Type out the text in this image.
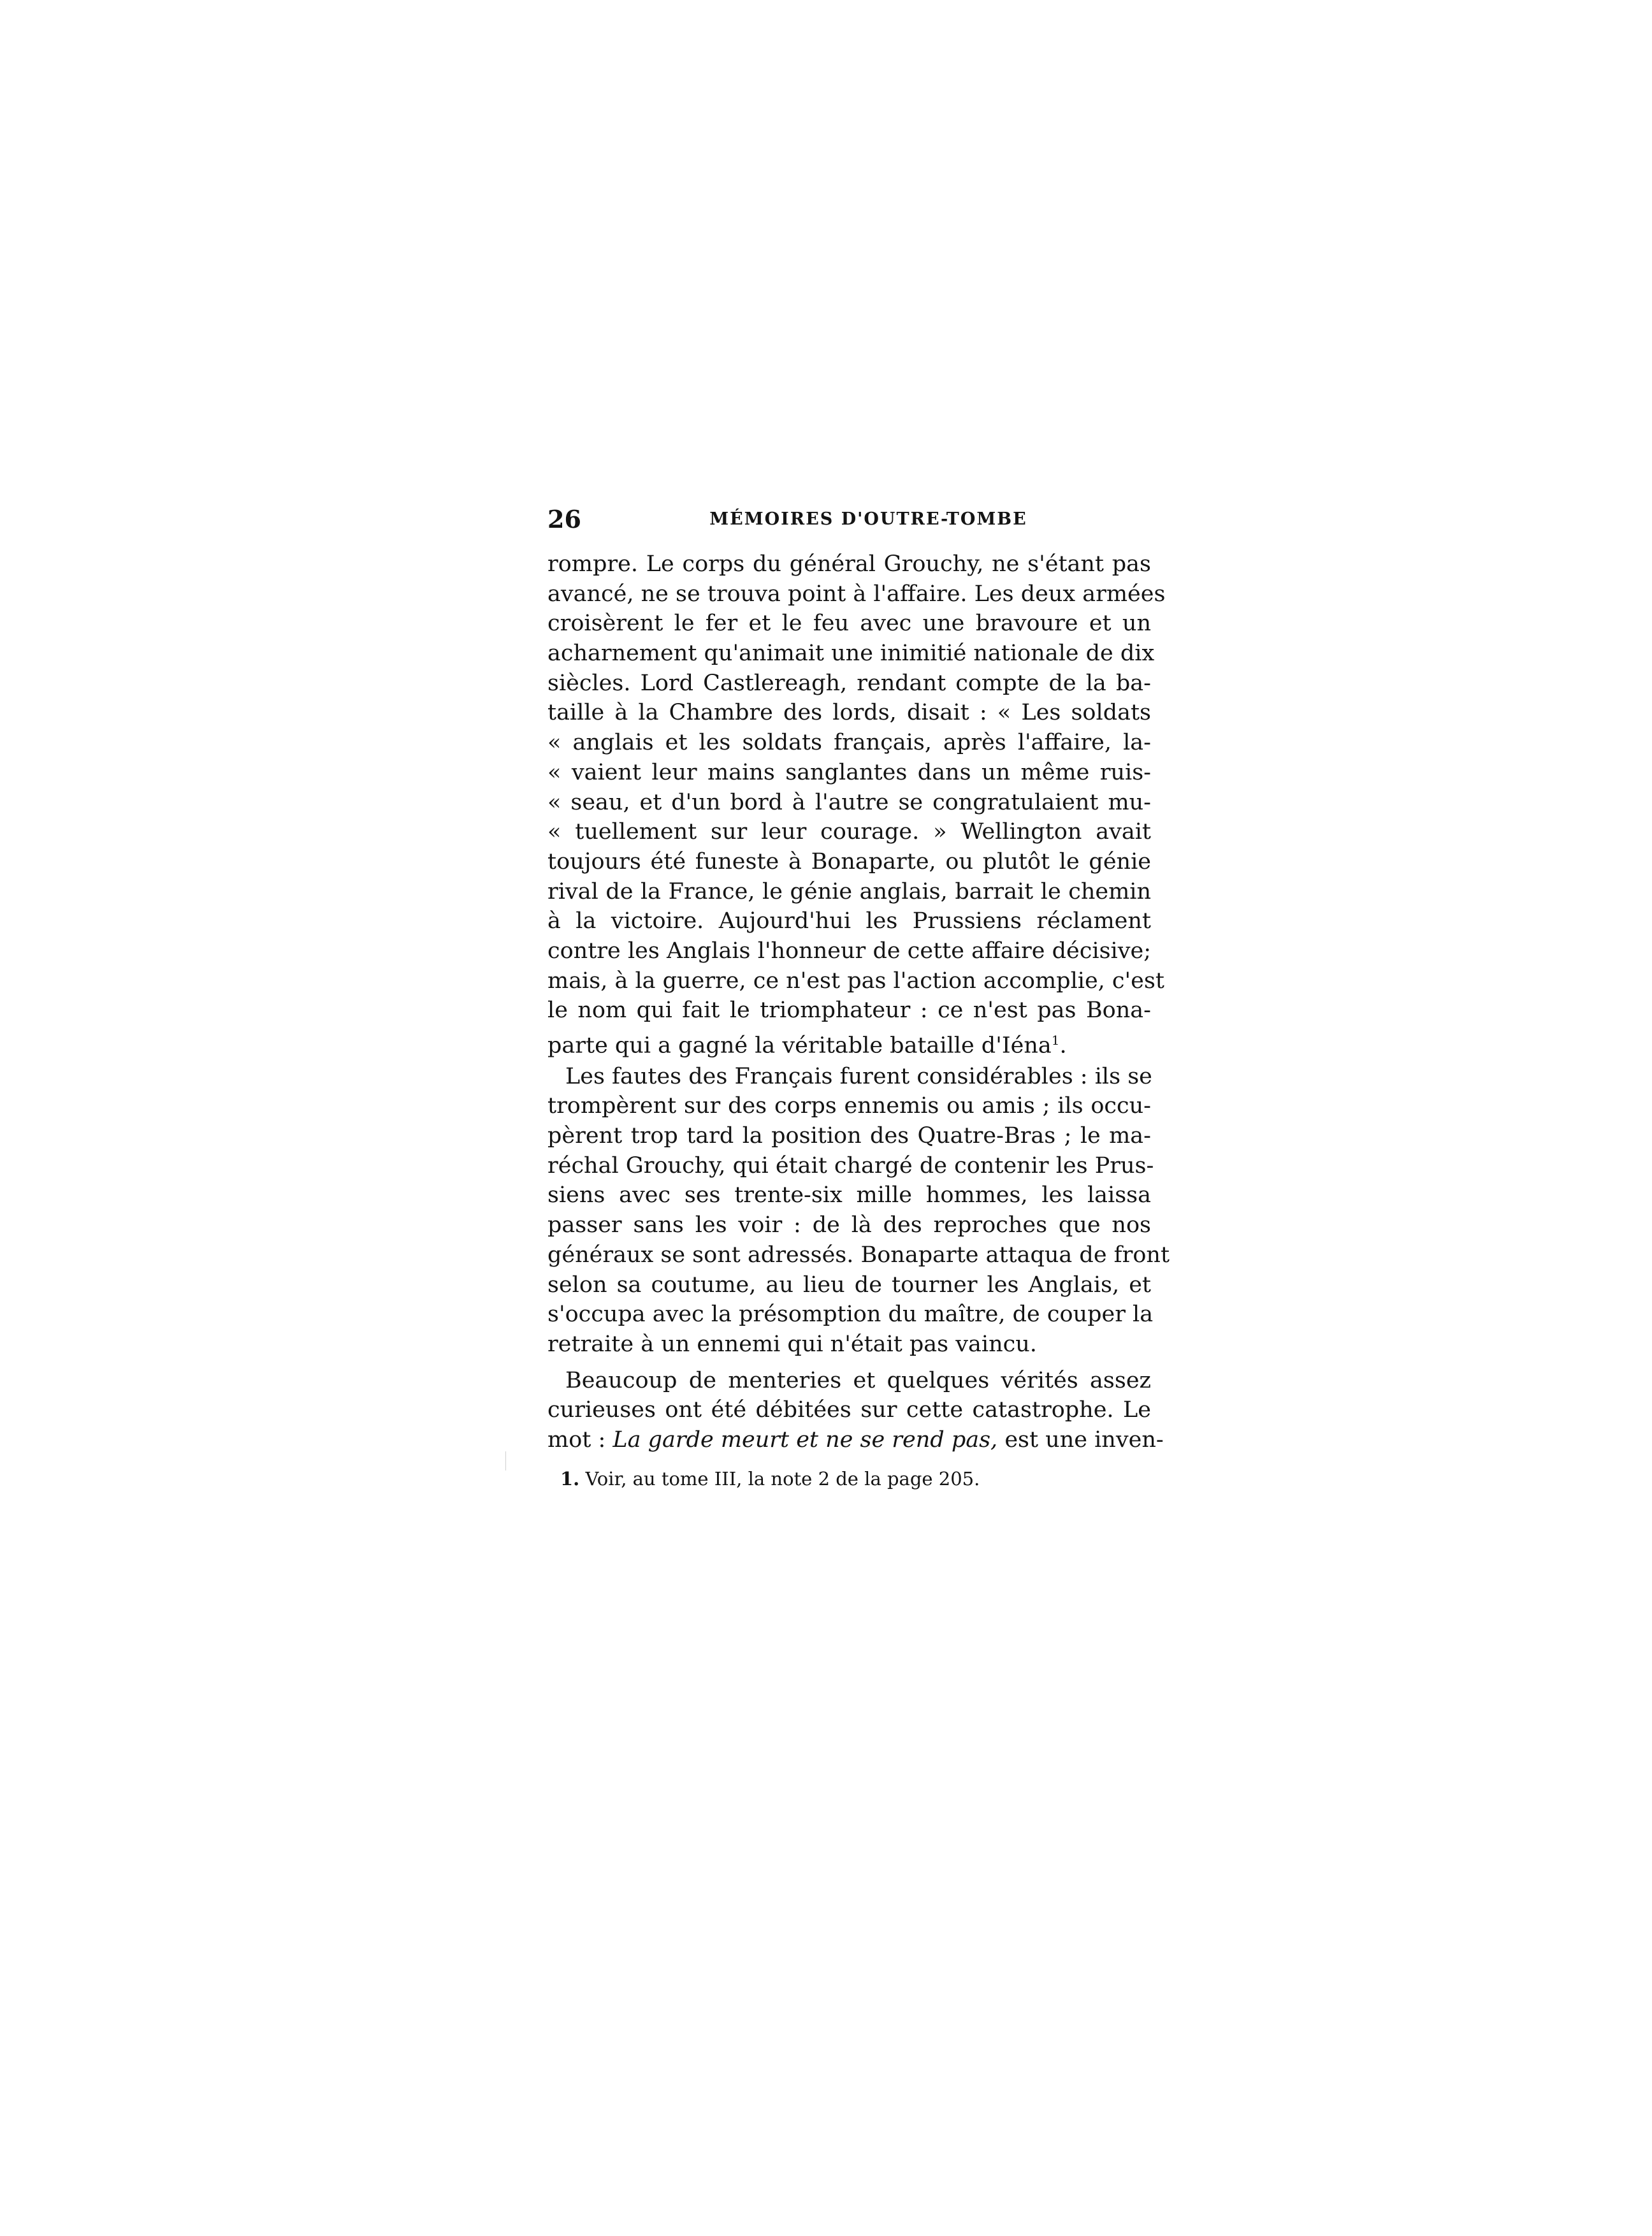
26	MÉMOIRES D'OUTRE-TOMBE
rompre. Le corps du général Grouchy, ne s'étant pas
avancé, ne se trouva point à l'affaire. Les deux armées
croisèrent le fer et le feu avec une bravoure et un
acharnement qu'animait une inimitié nationale de dix
siècles. Lord Castlereagh, rendant compte de la ba-
taille à la Chambre des lords, disait : « Les soldats
« anglais et les soldats français, après l'affaire, la-
« vaient leur mains sanglantes dans un même ruis-
« seau, et d'un bord à l'autre se congratulaient mu-
« tuellement sur leur courage. » Wellington avait
toujours été funeste à Bonaparte, ou plutôt le génie
rival de la France, le génie anglais, barrait le chemin
à la victoire. Aujourd'hui les Prussiens réclament
contre les Anglais l'honneur de cette affaire décisive;
mais, à la guerre, ce n'est pas l'action accomplie, c'est
le nom qui fait le triomphateur : ce n'est pas Bona-
parte qui a gagné la véritable bataille d'Iéna$^1$.
Les fautes des Français furent considérables : ils se
trompèrent sur des corps ennemis ou amis ; ils occu-
pèrent trop tard la position des Quatre-Bras ; le ma-
réchal Grouchy, qui était chargé de contenir les Prus-
siens avec ses trente-six mille hommes, les laissa
passer sans les voir : de là des reproches que nos
généraux se sont adressés. Bonaparte attaqua de front
selon sa coutume, au lieu de tourner les Anglais, et
s'occupa avec la présomption du maître, de couper la
retraite à un ennemi qui n'était pas vaincu.
Beaucoup de menteries et quelques vérités assez
curieuses ont été débitées sur cette catastrophe. Le
mot : La garde meurt et ne se rend pas, est une inven-
1. Voir, au tome III, la note 2 de la page 205.
